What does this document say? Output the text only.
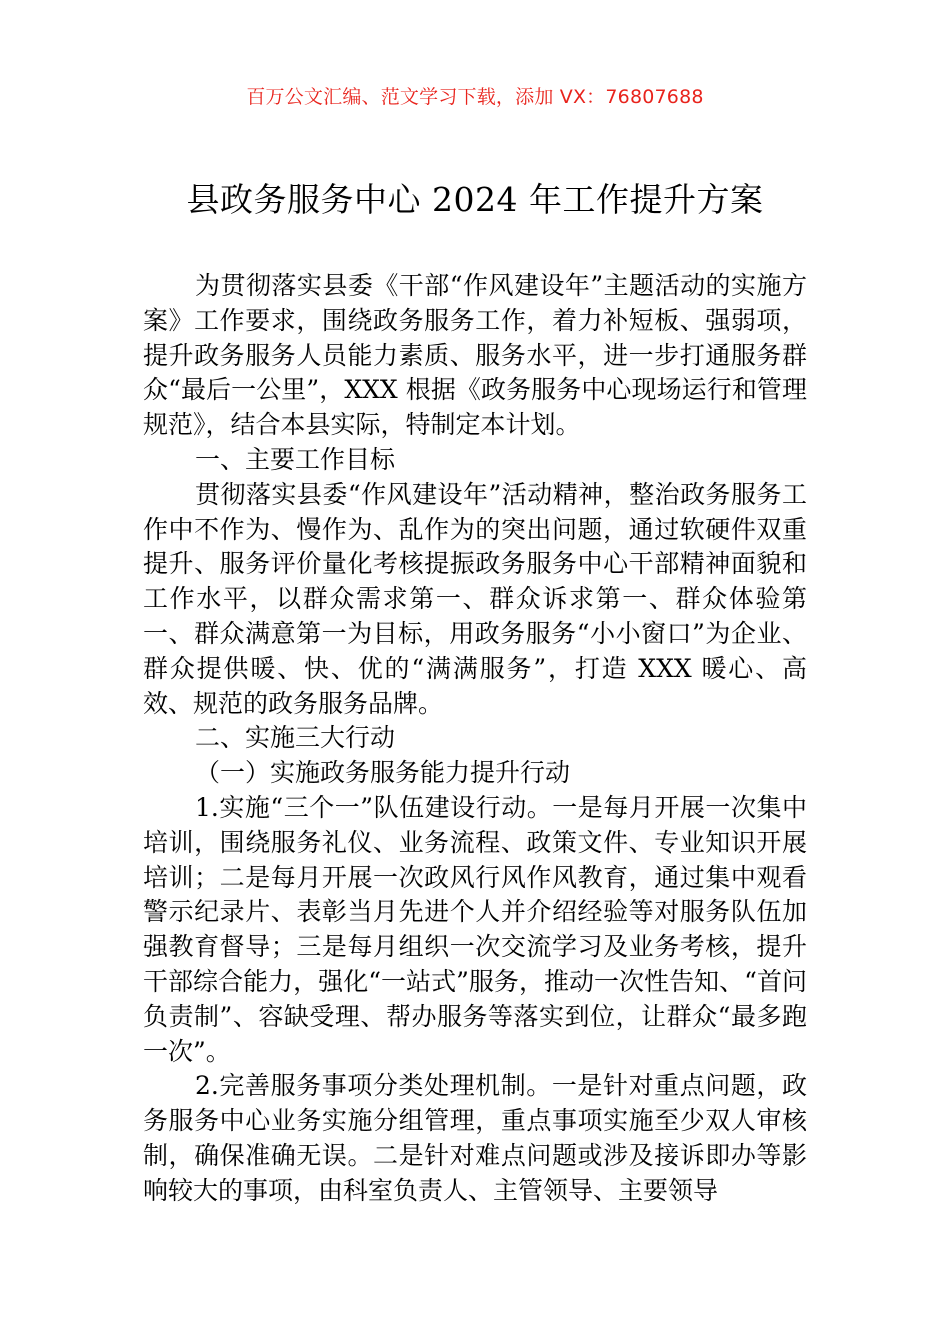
百万公文汇编、范文学习下载，添加 VX：76807688
县政务服务中心 2024 年工作提升方案

为贯彻落实县委《干部“作风建设年”主题活动的实施方案》工作要求，围绕政务服务工作，着力补短板、强弱项，提升政务服务人员能力素质、服务水平，进一步打通服务群众“最后一公里”，XXX 根据《政务服务中心现场运行和管理规范》，结合本县实际，特制定本计划。

一、主要工作目标

贯彻落实县委“作风建设年”活动精神，整治政务服务工作中不作为、慢作为、乱作为的突出问题，通过软硬件双重提升、服务评价量化考核提振政务服务中心干部精神面貌和工作水平，以群众需求第一、群众诉求第一、群众体验第一、群众满意第一为目标，用政务服务“小小窗口”为企业、群众提供暖、快、优的“满满服务”，打造 XXX 暖心、高效、规范的政务服务品牌。

二、实施三大行动

（一）实施政务服务能力提升行动

1.实施“三个一”队伍建设行动。一是每月开展一次集中培训，围绕服务礼仪、业务流程、政策文件、专业知识开展培训；二是每月开展一次政风行风作风教育，通过集中观看警示纪录片、表彰当月先进个人并介绍经验等对服务队伍加强教育督导；三是每月组织一次交流学习及业务考核，提升干部综合能力，强化“一站式”服务，推动一次性告知、“首问负责制”、容缺受理、帮办服务等落实到位，让群众“最多跑一次”。

2.完善服务事项分类处理机制。一是针对重点问题，政务服务中心业务实施分组管理，重点事项实施至少双人审核制，确保准确无误。二是针对难点问题或涉及接诉即办等影响较大的事项，由科室负责人、主管领导、主要领导
